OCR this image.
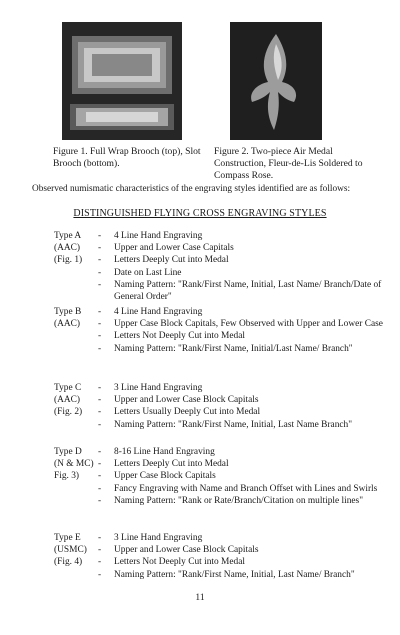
Figure 1. Full Wrap Brooch (top), Slot Brooch (bottom).
Figure 2. Two-piece Air Medal Construction, Fleur-de-Lis Soldered to Compass Rose.
Observed numismatic characteristics of the engraving styles identified are as follows:
DISTINGUISHED FLYING CROSS ENGRAVING STYLES
Type A
(AAC)
(Fig. 1)
- 4 Line Hand Engraving
- Upper and Lower Case Capitals
- Letters Deeply Cut into Medal
- Date on Last Line
- Naming Pattern: "Rank/First Name, Initial, Last Name/ Branch/Date of General Order"
Type B
(AAC)
- 4 Line Hand Engraving
- Upper Case Block Capitals, Few Observed with Upper and Lower Case
- Letters Not Deeply Cut into Medal
- Naming Pattern: "Rank/First Name, Initial/Last Name/ Branch"
Type C
(AAC)
(Fig. 2)
- 3 Line Hand Engraving
- Upper and Lower Case Block Capitals
- Letters Usually Deeply Cut into Medal
- Naming Pattern: "Rank/First Name, Initial, Last Name Branch"
Type D
(N & MC)
Fig. 3)
- 8-16 Line Hand Engraving
- Letters Deeply Cut into Medal
- Upper Case Block Capitals
- Fancy Engraving with Name and Branch Offset with Lines and Swirls
- Naming Pattern: "Rank or Rate/Branch/Citation on multiple lines"
Type E
(USMC)
(Fig. 4)
- 3 Line Hand Engraving
- Upper and Lower Case Block Capitals
- Letters Not Deeply Cut into Medal
- Naming Pattern: "Rank/First Name, Initial, Last Name/ Branch"
11
